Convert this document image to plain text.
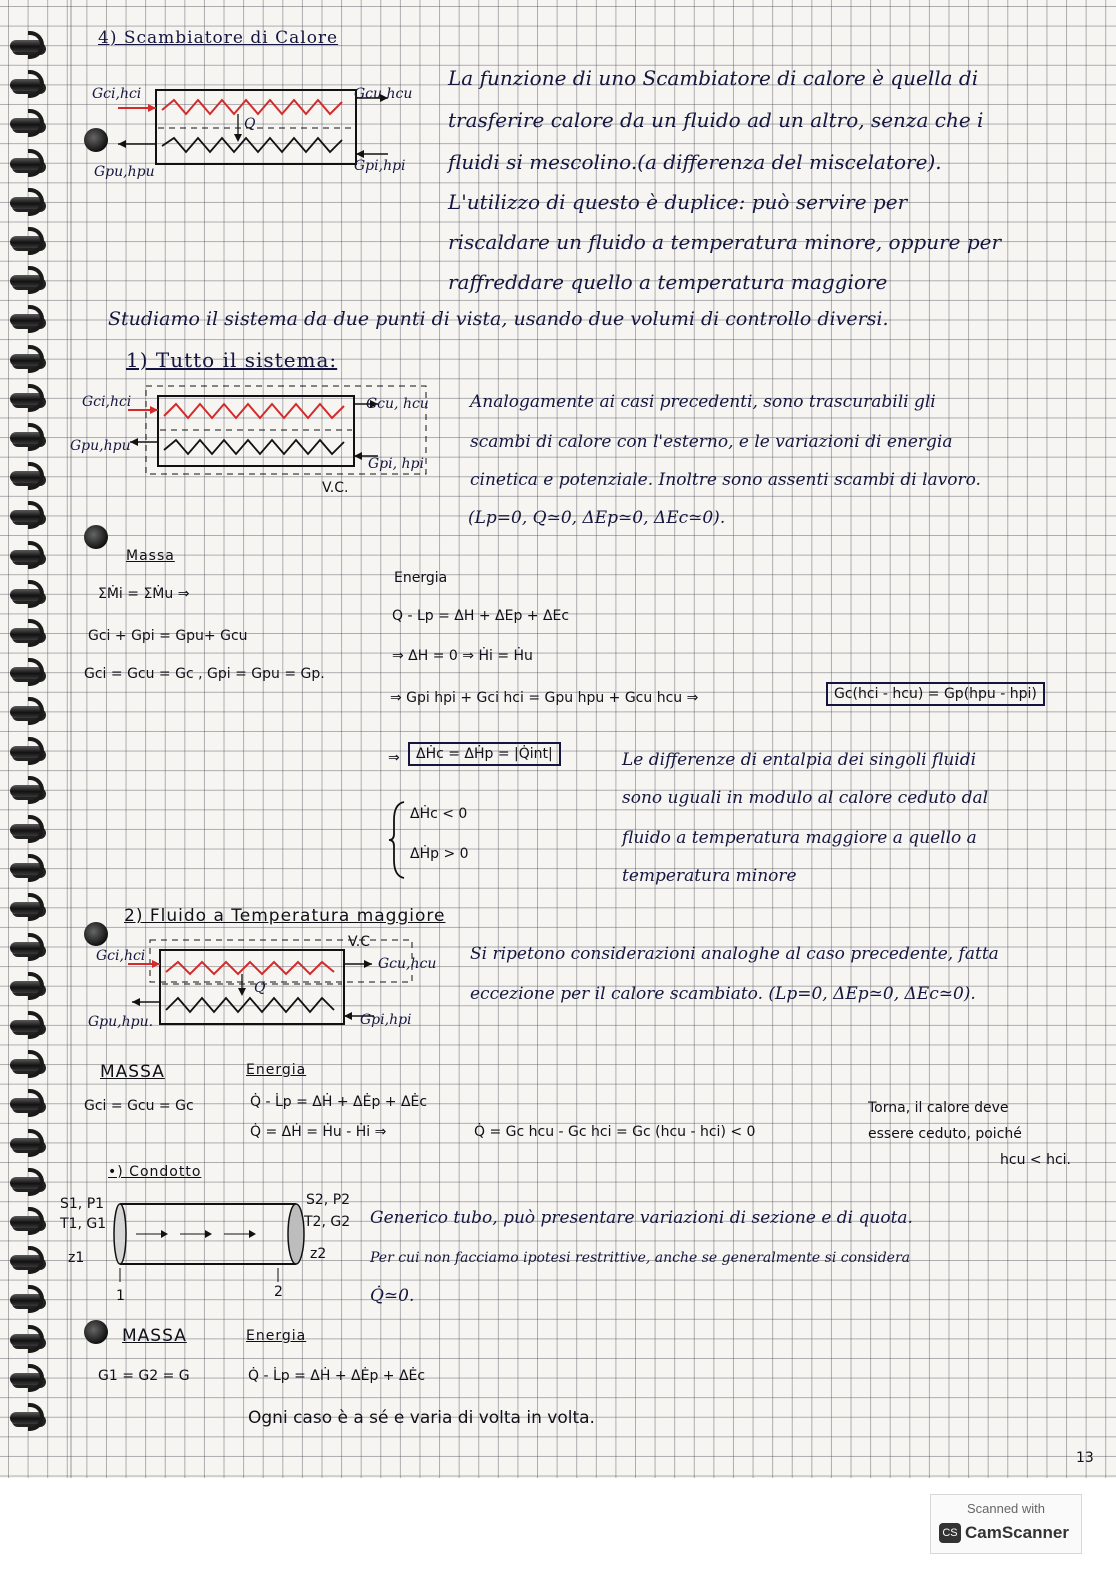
4) Scambiatore di Calore
Gci,hci	Gcu hcu
Gpu,hpu	Gpi,hpi
Q
La funzione di uno Scambiatore di calore è quella di
trasferire calore da un fluido ad un altro, senza che i
fluidi si mescolino.(a differenza del miscelatore).
L'utilizzo di questo è duplice: può servire per
riscaldare un fluido a temperatura minore, oppure per
raffreddare quello a temperatura maggiore
Studiamo il sistema da due punti di vista, usando due volumi di controllo diversi.
1) Tutto il sistema:
Gci,hci	Gcu, hcu
Gpu,hpu
Gpi, hpi
V.C.
Analogamente ai casi precedenti, sono trascurabili gli
scambi di calore con l'esterno, e le variazioni di energia
cinetica e potenziale. Inoltre sono assenti scambi di lavoro.
(Lp=0, Q≃0, ΔEp≃0, ΔEc≃0).
Massa
ΣṀi = ΣṀu ⇒
Gci + Gpi = Gpu+ Gcu
Gci = Gcu = Gc , Gpi = Gpu = Gp.
Energia
Q - Lp = ΔH + ΔEp + ΔEc
⇒ ΔH = 0 ⇒ Ḣi = Ḣu
⇒ Gpi hpi + Gci hci = Gpu hpu + Gcu hcu ⇒	Gc(hci - hcu) = Gp(hpu - hpi)
⇒	ΔḢc = ΔḢp = |Q̇int|
ΔḢc < 0
ΔḢp > 0
Le differenze di entalpia dei singoli fluidi
sono uguali in modulo al calore ceduto dal
fluido a temperatura maggiore a quello a
temperatura minore
2) Fluido a Temperatura maggiore
Gci,hci	Gcu,hcu
Gpu,hpu.	Gpi,hpi
V.C
Q
Si ripetono considerazioni analoghe al caso precedente, fatta
eccezione per il calore scambiato. (Lp=0, ΔEp≃0, ΔEc≃0).
MASSA
Gci = Gcu = Gc
Energia
Q̇ - L̇p = ΔḢ + ΔĖp + ΔĖc
Q̇ = ΔḢ = Ḣu - Ḣi ⇒	Q̇ = Gc hcu - Gc hci = Gc (hcu - hci) < 0
Torna, il calore deve
essere ceduto, poiché
hcu < hci.
•) Condotto
S1, P1
T1, G1
z1
S2, P2
T2, G2
z2
1	2
Generico tubo, può presentare variazioni di sezione e di quota.
Per cui non facciamo ipotesi restrittive, anche se generalmente si considera
Q̇≃0.
MASSA
G1 = G2 = G
Energia
Q̇ - L̇p = ΔḢ + ΔĖp + ΔĖc
Ogni caso è a sé e varia di volta in volta.
13
Scanned with
CS CamScanner
